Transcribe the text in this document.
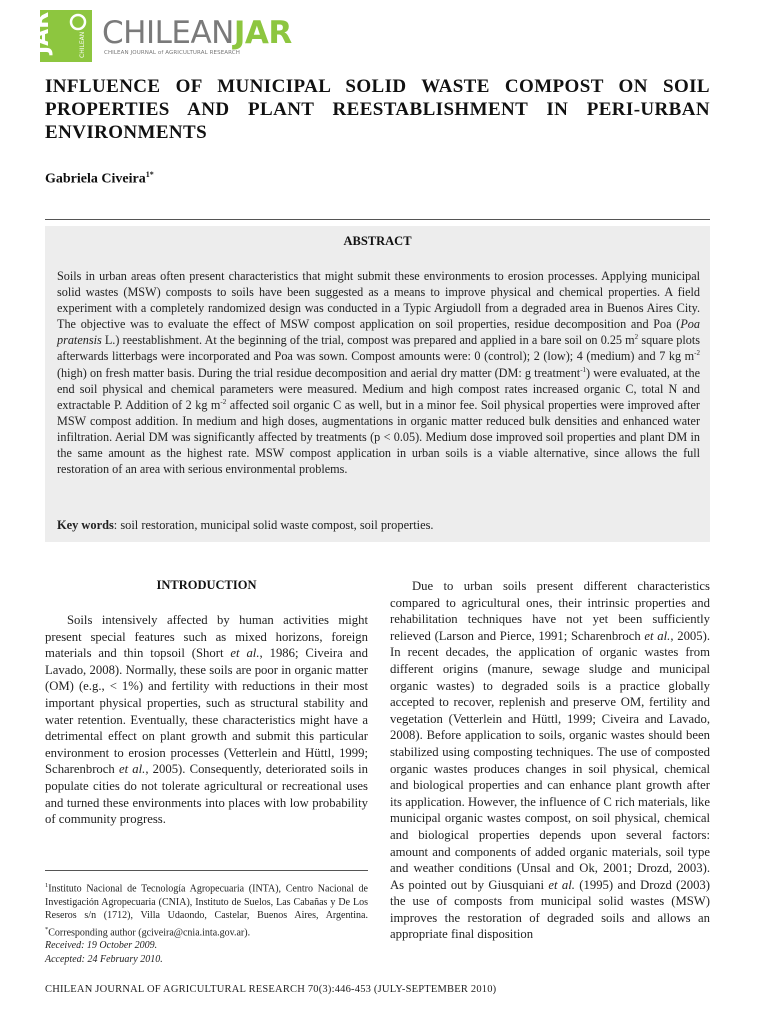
JAR	CHILEAN CHILEANJAR
CHILEAN JOURNAL of AGRICULTURAL RESEARCH
INFLUENCE OF MUNICIPAL SOLID WASTE COMPOST ON SOIL PROPERTIES AND PLANT REESTABLISHMENT IN PERI-URBAN ENVIRONMENTS
Gabriela Civeira$^{1*}$
ABSTRACT
Soils in urban areas often present characteristics that might submit these environments to erosion processes. Applying municipal solid wastes (MSW) composts to soils have been suggested as a means to improve physical and chemical properties. A field experiment with a completely randomized design was conducted in a Typic Argiudoll from a degraded area in Buenos Aires City. The objective was to evaluate the effect of MSW compost application on soil properties, residue decomposition and Poa (Poa pratensis L.) reestablishment. At the beginning of the trial, compost was prepared and applied in a bare soil on 0.25 $m^2$ square plots afterwards litterbags were incorporated and Poa was sown. Compost amounts were: 0 (control); 2 (low); 4 (medium) and 7 kg $m^{-2}$ (high) on fresh matter basis. During the trial residue decomposition and aerial dry matter (DM: g treatment$^{-1}$) were evaluated, at the end soil physical and chemical parameters were measured. Medium and high compost rates increased organic C, total N and extractable P. Addition of 2 kg $m^{-2}$ affected soil organic C as well, but in a minor fee. Soil physical properties were improved after MSW compost addition. In medium and high doses, augmentations in organic matter reduced bulk densities and enhanced water infiltration. Aerial DM was significantly affected by treatments (p < 0.05). Medium dose improved soil properties and plant DM in the same amount as the highest rate. MSW compost application in urban soils is a viable alternative, since allows the full restoration of an area with serious environmental problems.
Key words: soil restoration, municipal solid waste compost, soil properties.
INTRODUCTION
Soils intensively affected by human activities might present special features such as mixed horizons, foreign materials and thin topsoil (Short et al., 1986; Civeira and Lavado, 2008). Normally, these soils are poor in organic matter (OM) (e.g., < 1%) and fertility with reductions in their most important physical properties, such as structural stability and water retention. Eventually, these characteristics might have a detrimental effect on plant growth and submit this particular environment to erosion processes (Vetterlein and Hüttl, 1999; Scharenbroch et al., 2005). Consequently, deteriorated soils in populate cities do not tolerate agricultural or recreational uses and turned these environments into places with low probability of community progress.
$^1$Instituto Nacional de Tecnología Agropecuaria (INTA), Centro Nacional de Investigación Agropecuaria (CNIA), Instituto de Suelos, Las Cabañas y De Los Reseros s/n (1712), Villa Udaondo, Castelar, Buenos Aires, Argentina. *Corresponding author (gciveira@cnia.inta.gov.ar).
Received: 19 October 2009.
Accepted: 24 February 2010.
Due to urban soils present different characteristics compared to agricultural ones, their intrinsic properties and rehabilitation techniques have not yet been sufficiently relieved (Larson and Pierce, 1991; Scharenbroch et al., 2005). In recent decades, the application of organic wastes from different origins (manure, sewage sludge and municipal organic wastes) to degraded soils is a practice globally accepted to recover, replenish and preserve OM, fertility and vegetation (Vetterlein and Hüttl, 1999; Civeira and Lavado, 2008). Before application to soils, organic wastes should been stabilized using composting techniques. The use of composted organic wastes produces changes in soil physical, chemical and biological properties and can enhance plant growth after its application. However, the influence of C rich materials, like municipal organic wastes compost, on soil physical, chemical and biological properties depends upon several factors: amount and components of added organic materials, soil type and weather conditions (Unsal and Ok, 2001; Drozd, 2003). As pointed out by Giusquiani et al. (1995) and Drozd (2003) the use of composts from municipal solid wastes (MSW) improves the restoration of degraded soils and allows an appropriate final disposition
CHILEAN JOURNAL OF AGRICULTURAL RESEARCH 70(3):446-453 (JULY-SEPTEMBER 2010)
